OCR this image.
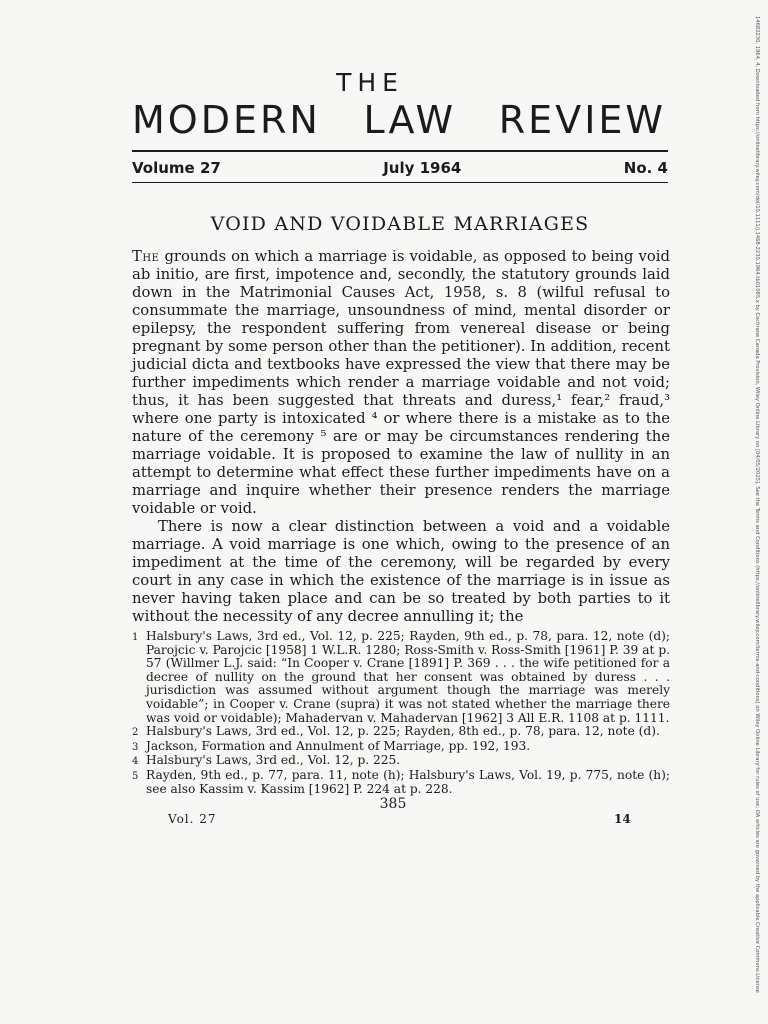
THE
MODERN LAW REVIEW
Volume 27	July 1964	No. 4
VOID AND VOIDABLE MARRIAGES

The grounds on which a marriage is voidable, as opposed to being void ab initio, are first, impotence and, secondly, the statutory grounds laid down in the Matrimonial Causes Act, 1958, s. 8 (wilful refusal to consummate the marriage, unsoundness of mind, mental disorder or epilepsy, the respondent suffering from venereal disease or being pregnant by some person other than the petitioner). In addition, recent judicial dicta and textbooks have expressed the view that there may be further impediments which render a marriage voidable and not void; thus, it has been suggested that threats and duress,¹ fear,² fraud,³ where one party is intoxicated ⁴ or where there is a mistake as to the nature of the ceremony ⁵ are or may be circumstances rendering the marriage voidable. It is proposed to examine the law of nullity in an attempt to determine what effect these further impediments have on a marriage and inquire whether their presence renders the marriage voidable or void.

There is now a clear distinction between a void and a voidable marriage. A void marriage is one which, owing to the presence of an impediment at the time of the ceremony, will be regarded by every court in any case in which the existence of the marriage is in issue as never having taken place and can be so treated by both parties to it without the necessity of any decree annulling it; the

1 Halsbury's Laws, 3rd ed., Vol. 12, p. 225; Rayden, 9th ed., p. 78, para. 12, note (d); Parojcic v. Parojcic [1958] 1 W.L.R. 1280; Ross-Smith v. Ross-Smith [1961] P. 39 at p. 57 (Willmer L.J. said: “In Cooper v. Crane [1891] P. 369 . . . the wife petitioned for a decree of nullity on the ground that her consent was obtained by duress . . . jurisdiction was assumed without argument though the marriage was merely voidable”; in Cooper v. Crane (supra) it was not stated whether the marriage there was void or voidable); Mahadervan v. Mahadervan [1962] 3 All E.R. 1108 at p. 1111.
2 Halsbury's Laws, 3rd ed., Vol. 12, p. 225; Rayden, 8th ed., p. 78, para. 12, note (d).
3 Jackson, Formation and Annulment of Marriage, pp. 192, 193.
4 Halsbury's Laws, 3rd ed., Vol. 12, p. 225.
5 Rayden, 9th ed., p. 77, para. 11, note (h); Halsbury's Laws, Vol. 19, p. 775, note (h); see also Kassim v. Kassim [1962] P. 224 at p. 228.
385
Vol. 27	14	14682230, 1964, 4, Downloaded from https://onlinelibrary.wiley.com/doi/10.1111/j.1468-2230.1964.tb01085.x by Cochrane Canada Provision, Wiley Online Library on [04/05/2025]. See the Terms and Conditions (https://onlinelibrary.wiley.com/terms-and-conditions) on Wiley Online Library for rules of use; OA articles are governed by the applicable Creative Commons License
